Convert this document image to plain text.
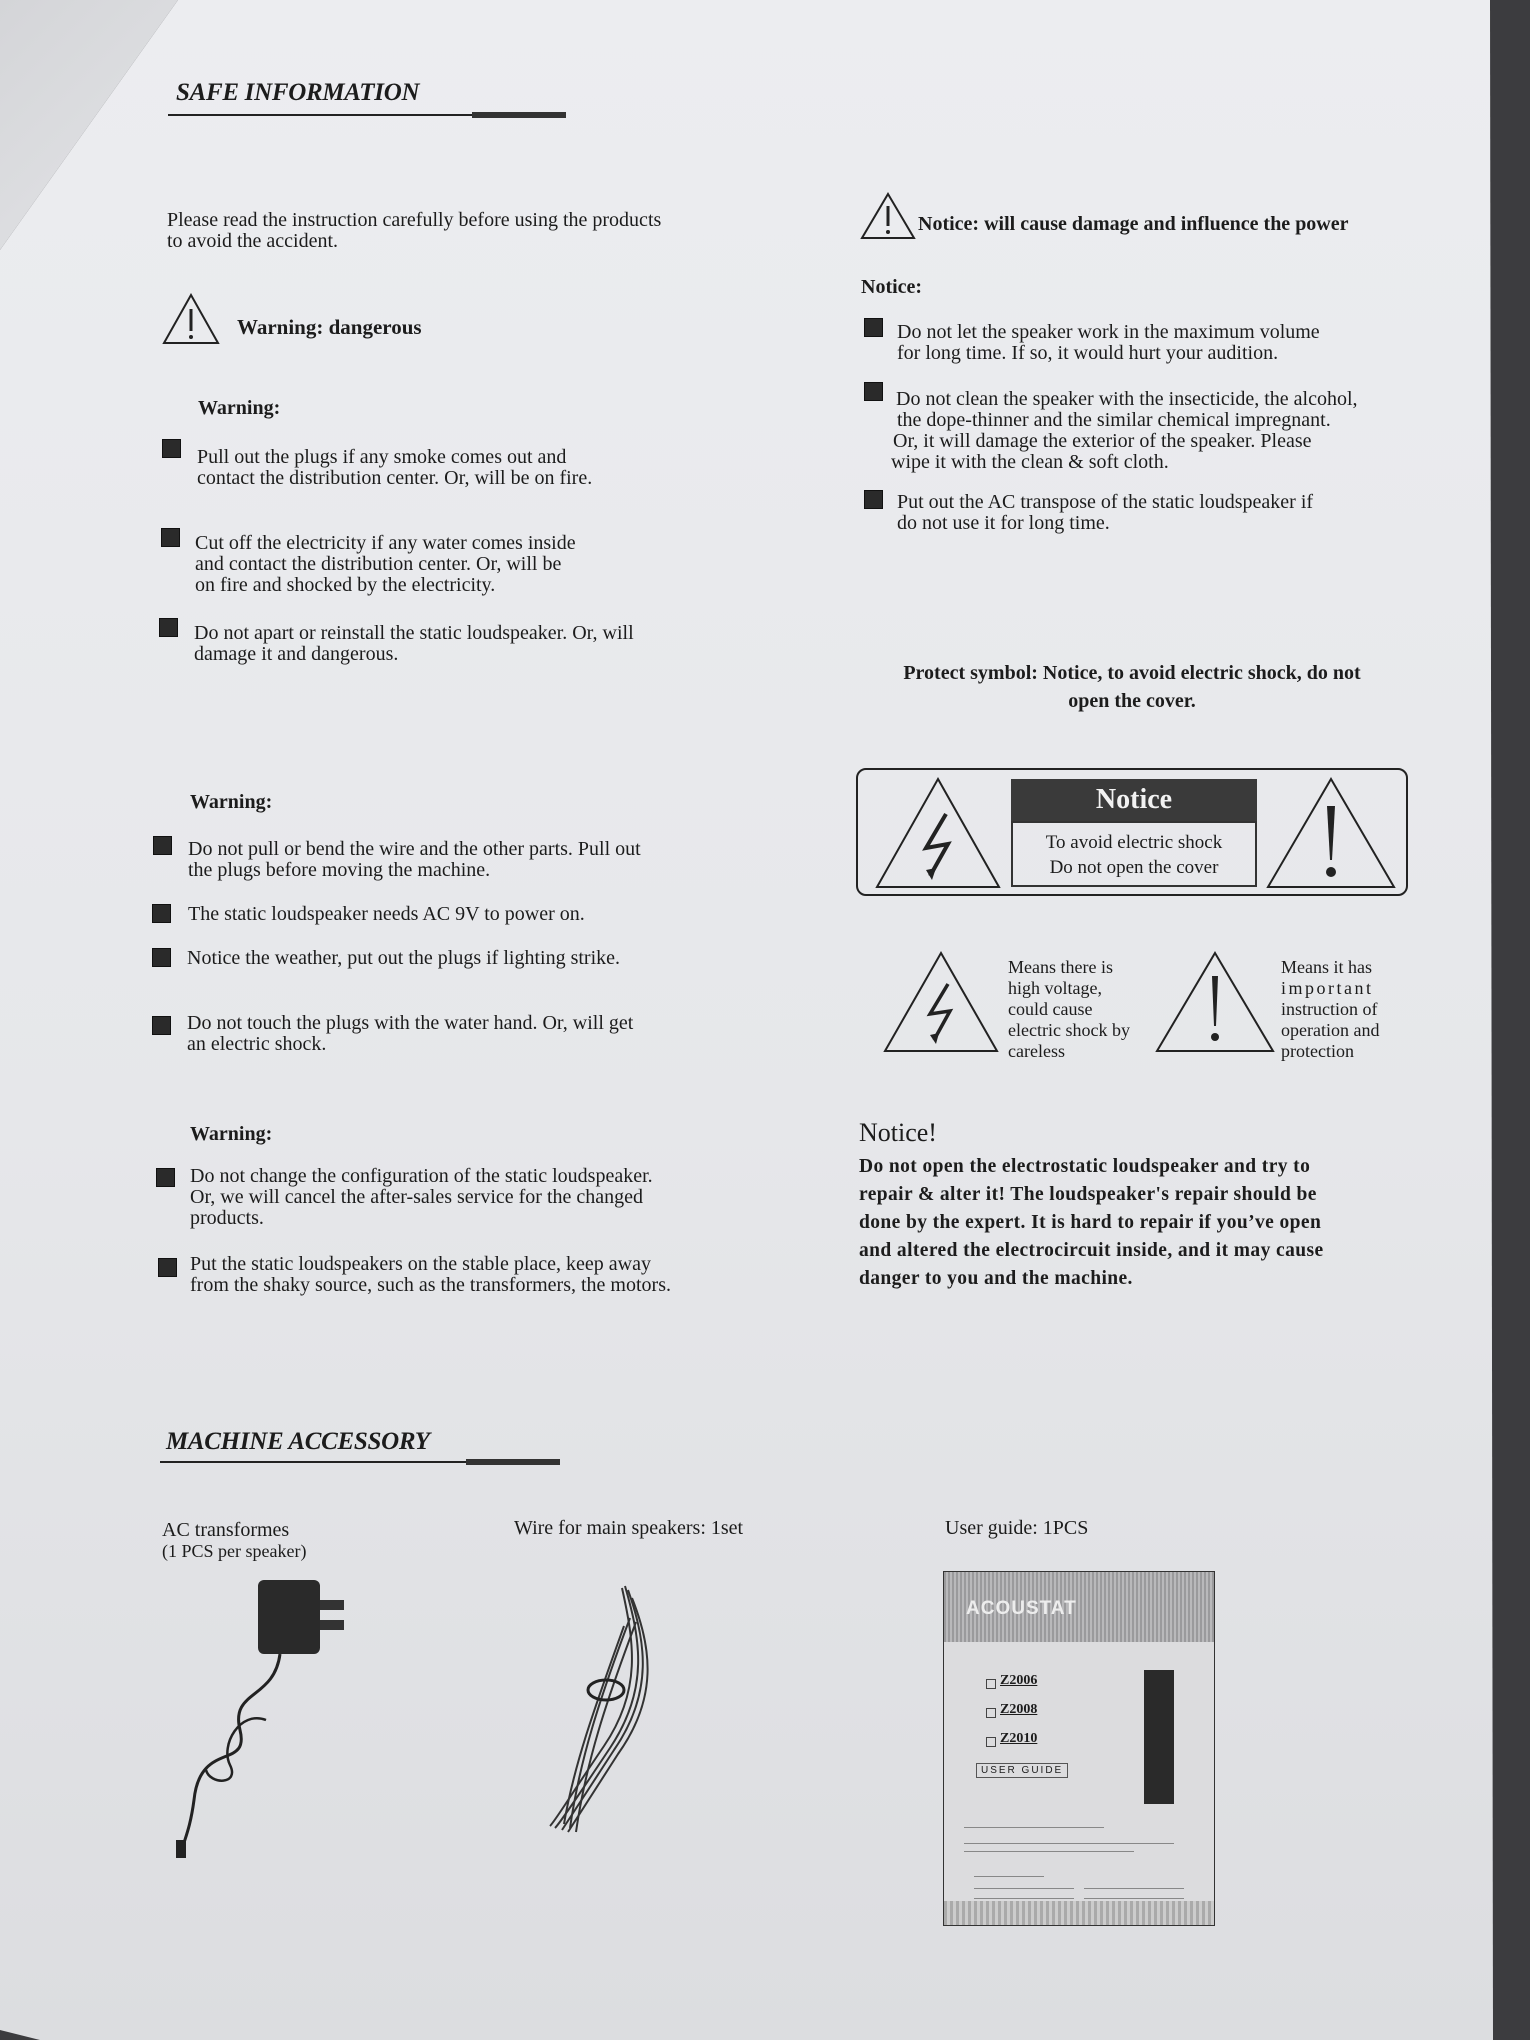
SAFE INFORMATION
Please read the instruction carefully before using the products
to avoid the accident.
Warning: dangerous
Warning:
Pull out the plugs if any smoke comes out and
contact the distribution center. Or, will be on fire.
Cut off the electricity if any water comes inside
and contact the distribution center. Or, will be
on fire and shocked by the electricity.
Do not apart or reinstall the static loudspeaker. Or, will
damage it and dangerous.
Warning:
Do not pull or bend the wire and the other parts. Pull out
the plugs before moving the machine.
The static loudspeaker needs AC 9V to power on.
Notice the weather, put out the plugs if lighting strike.
Do not touch the plugs with the water hand. Or, will get
an electric shock.
Warning:
Do not change the configuration of the static loudspeaker.
Or, we will cancel the after-sales service for the changed
products.
Put the static loudspeakers on the stable place, keep away
from the shaky source, such as the transformers, the motors.
Notice: will cause damage and influence the power
Notice:
Do not let the speaker work in the maximum volume
for long time. If so, it would hurt your audition.
Do not clean the speaker with the insecticide, the alcohol,
the dope-thinner and the similar chemical impregnant.
Or, it will damage the exterior of the speaker. Please
wipe it with the clean & soft cloth.
Put out the AC transpose of the static loudspeaker if
do not use it for long time.
Protect symbol: Notice, to avoid electric shock, do not
open the cover.
Notice
To avoid electric shock
Do not open the cover
Means there is
high voltage,
could cause
electric shock by
careless
Means it has
important
instruction of
operation and
protection
Notice!
Do not open the electrostatic loudspeaker and try to
repair & alter it! The loudspeaker's repair should be
done by the expert. It is hard to repair if you’ve open
and altered the electrocircuit inside, and it may cause
danger to you and the machine.
MACHINE ACCESSORY
AC transformes
(1 PCS per speaker)
Wire for main speakers: 1set	User guide: 1PCS
ACOUSTAT
Z2006
Z2008
Z2010
USER GUIDE
